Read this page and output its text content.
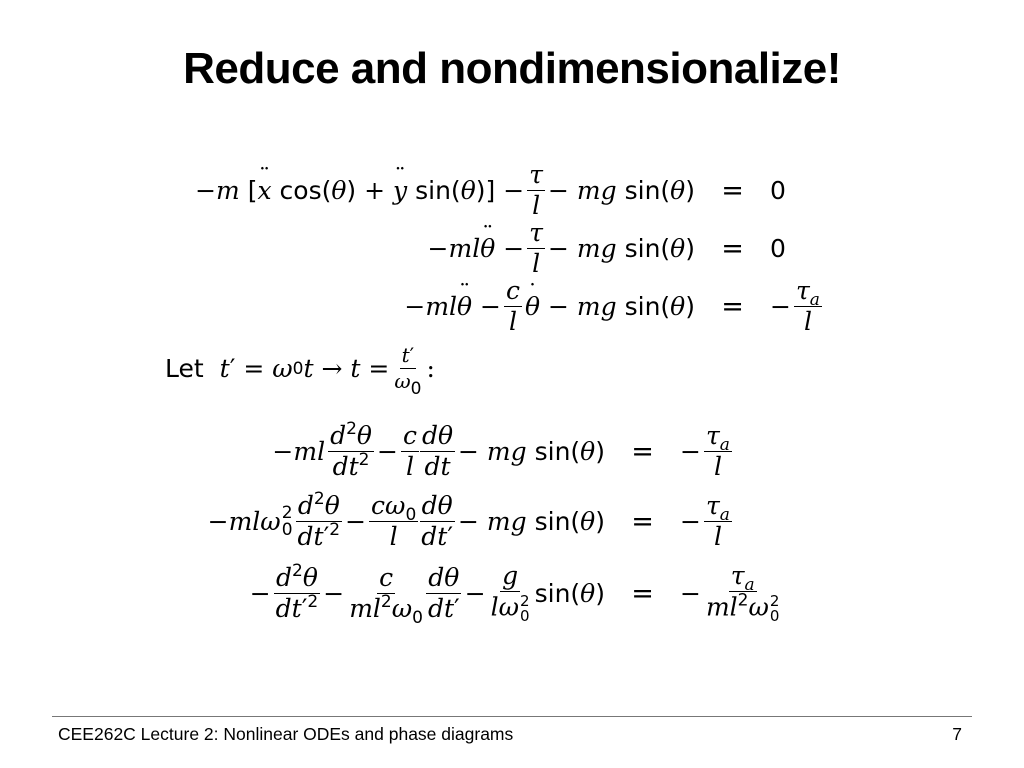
Reduce and nondimensionalize!
− m
[ ¨ x
cos( θ ) + ¨ y
sin( θ )] − $\frac{\tau}{l}$ − mg
sin( θ ) =	0
− ml ¨ $\theta - \frac{\tau}{l}$ − mg
sin( θ ) =	0
− ml ¨ $\theta - \frac{c}{l}$ ˙ θ − mg
sin( θ ) =	− $\frac{\tau_a}{l}$
Let t ′ = ω 0 $t \to t = \frac{t'}{\omega_0}$ :
− ml $\frac{d^2\theta}{dt^2} - \frac{c}{l} \frac{d\theta}{dt}$ − mg
sin( θ ) =	− $\frac{\tau_a}{l}$
− ml ω 2
$0 \frac{d^2\theta}{dt'^2} - \frac{c\omega_0}{l} \frac{d\theta}{dt'}$ − mg
sin( θ ) =	− $\frac{\tau_a}{l}$
− $\frac{d^2\theta}{dt'^2} - \frac{c}{ml^2\omega_0} \frac{d\theta}{dt'} - g$
lω 2
0 sin( θ ) =	− $\tau_a$
$ml^2\omega$ 2
0
CEE262C Lecture 2: Nonlinear ODEs and phase diagrams	7
